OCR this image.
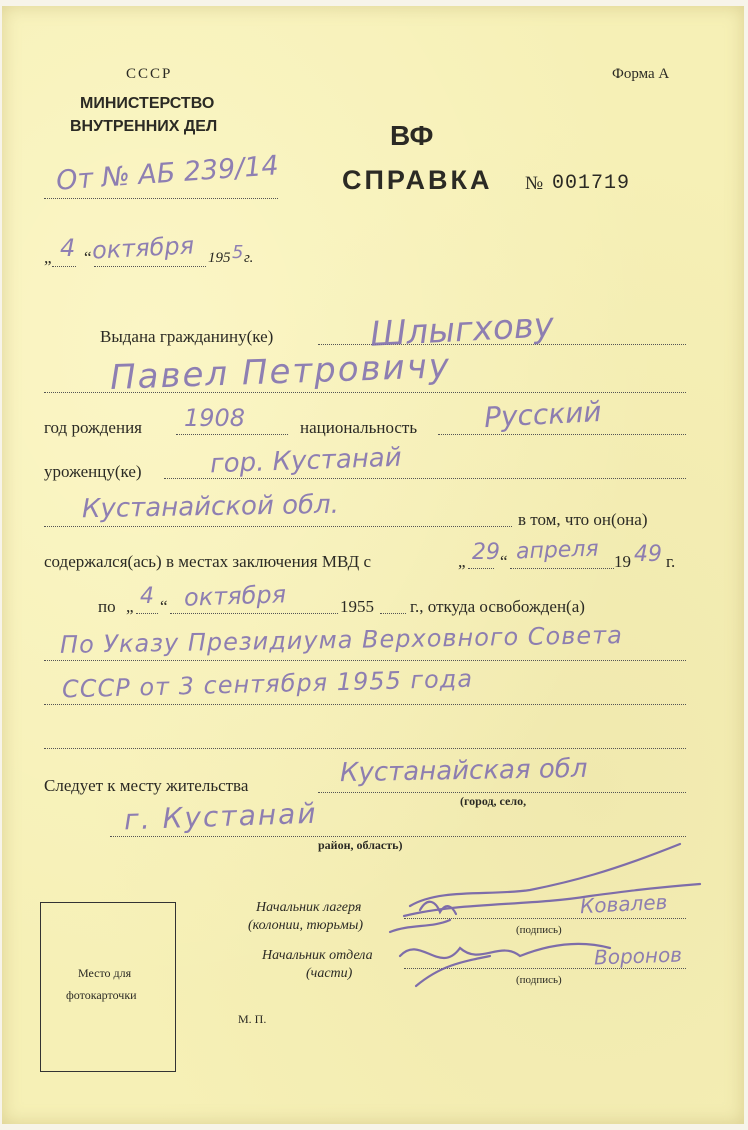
СССР
МИНИСТЕРСТВО
ВНУТРЕННИХ ДЕЛ
Форма А
ВФ
СПРАВКА № 001719
От № АБ 239/14
„ 4 “ октября 195 5 г.
Выдана гражданину(ке)	Шлыгхову
Павел Петровичу
год рождения 1908	национальность Русский
уроженцу(ке)	гор. Кустанай
Кустанайской обл.	в том, что он(она)
содержался(ась) в местах заключения МВД с	„ 29 “ апреля 19 49 г.
по „ 4 “ октября	1955 г., откуда освобожден(а)
По Указу Президиума Верховного Совета
СССР от 3 сентября 1955 года
Следует к месту жительства	Кустанайская обл
(город, село,
г. Кустанай
район, область)
Место для
фотокарточки
М. П.
Начальник лагеря
(колонии, тюрьмы)	(подпись)
Ковалев
Начальник отдела
(части)	(подпись)
Воронов
